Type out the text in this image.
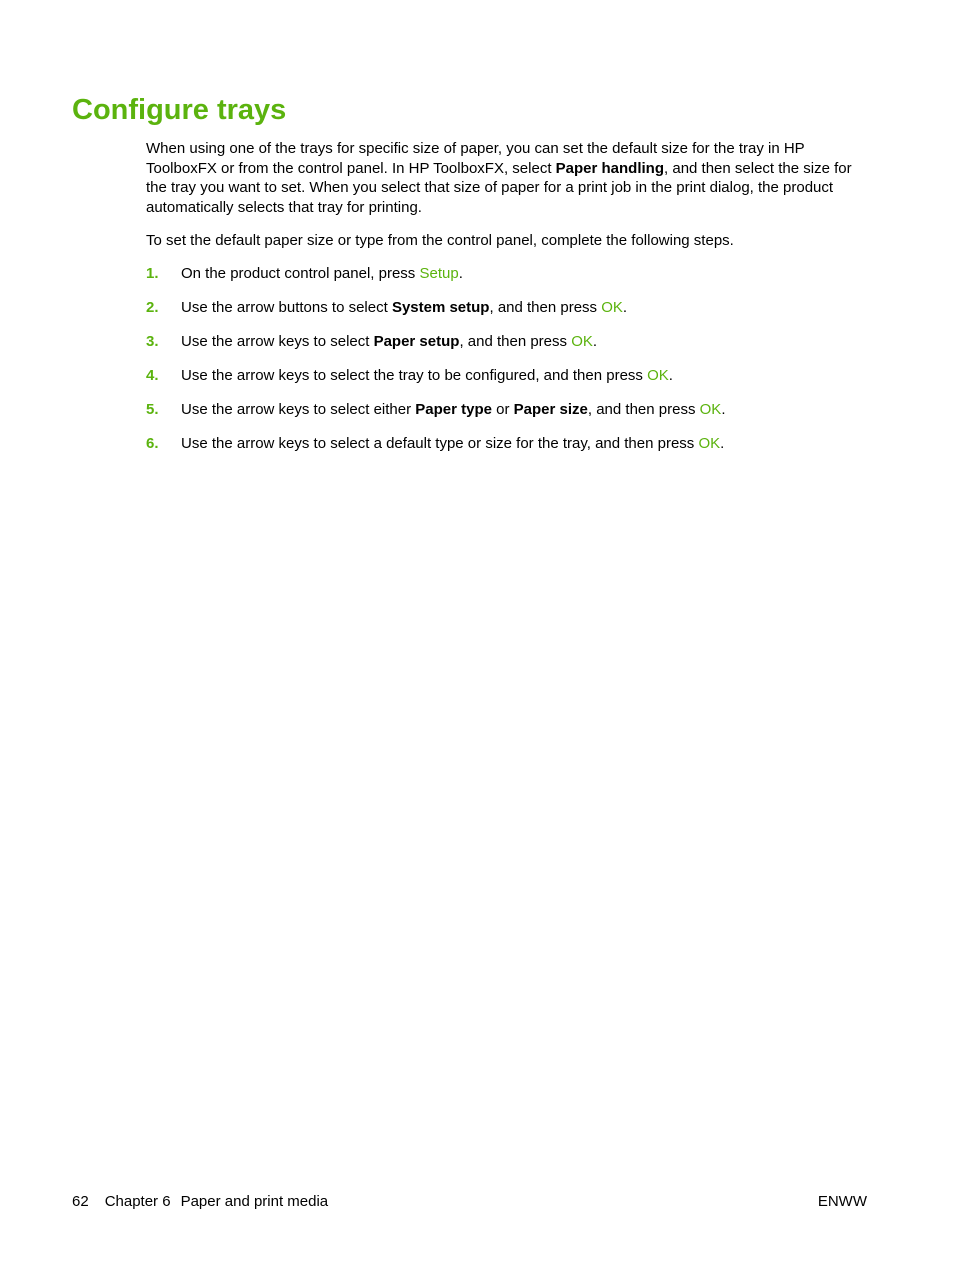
Configure trays

When using one of the trays for specific size of paper, you can set the default size for the tray in HP ToolboxFX or from the control panel. In HP ToolboxFX, select Paper handling, and then select the size for the tray you want to set. When you select that size of paper for a print job in the print dialog, the product automatically selects that tray for printing.

To set the default paper size or type from the control panel, complete the following steps.

1. On the product control panel, press Setup.
2. Use the arrow buttons to select System setup, and then press OK.
3. Use the arrow keys to select Paper setup, and then press OK.
4. Use the arrow keys to select the tray to be configured, and then press OK.
5. Use the arrow keys to select either Paper type or Paper size, and then press OK.
6. Use the arrow keys to select a default type or size for the tray, and then press OK.
62 Chapter 6 Paper and print media	ENWW
